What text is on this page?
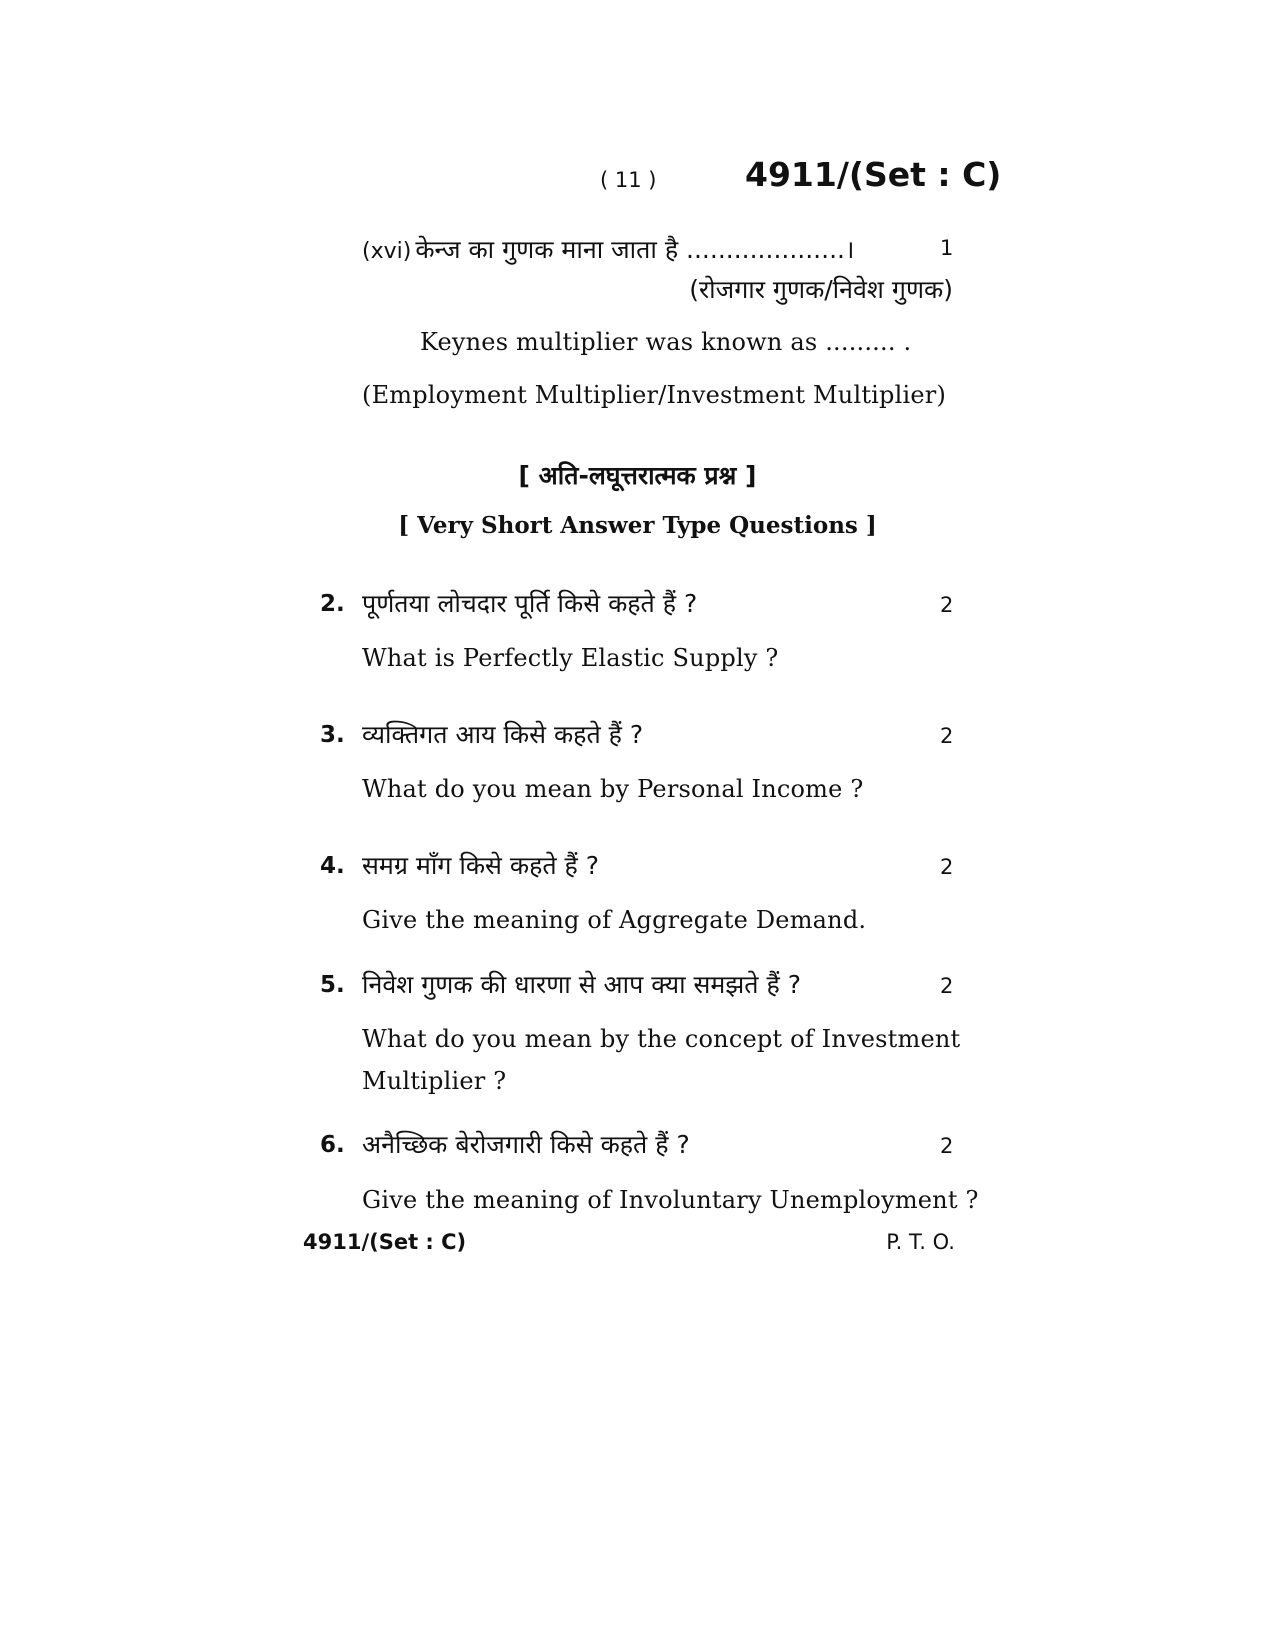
( 11 )	4911/(Set : C)
(xvi) केन्ज का गुणक माना जाता है ....................।	1
(रोजगार गुणक/निवेश गुणक)
Keynes multiplier was known as ......... .
(Employment Multiplier/Investment Multiplier)
[ अति-लघूत्तरात्मक प्रश्न ]
[ Very Short Answer Type Questions ]
2. पूर्णतया लोचदार पूर्ति किसे कहते हैं ?	2
What is Perfectly Elastic Supply ?
3. व्यक्तिगत आय किसे कहते हैं ?	2
What do you mean by Personal Income ?
4. समग्र माँग किसे कहते हैं ?	2
Give the meaning of Aggregate Demand.
5. निवेश गुणक की धारणा से आप क्या समझते हैं ?	2
What do you mean by the concept of Investment
Multiplier ?
6. अनैच्छिक बेरोजगारी किसे कहते हैं ?	2
Give the meaning of Involuntary Unemployment ?
4911/(Set : C)	P. T. O.
